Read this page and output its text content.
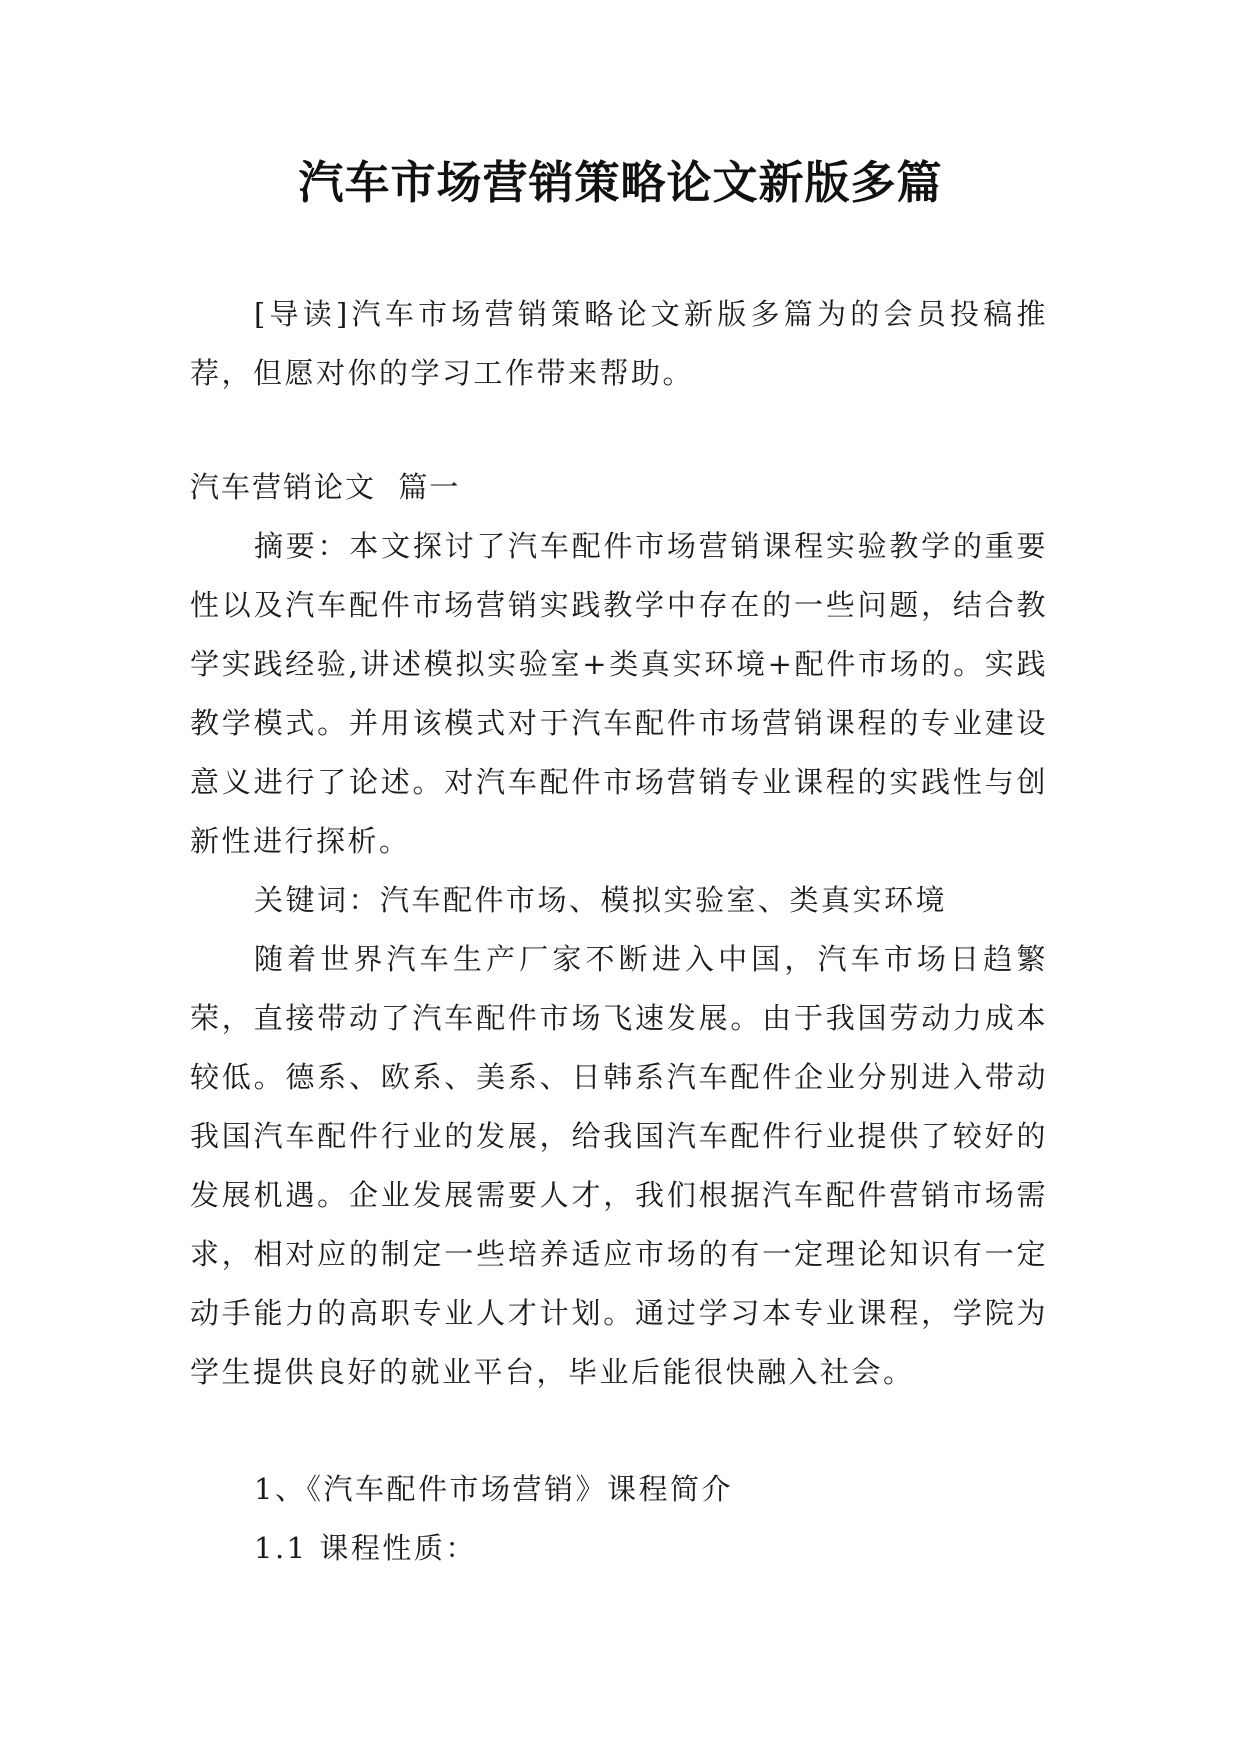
汽车市场营销策略论文新版多篇

[导读]汽车市场营销策略论文新版多篇为的会员投稿推荐，但愿对你的学习工作带来帮助。

汽车营销论文  篇一

摘要：本文探讨了汽车配件市场营销课程实验教学的重要性以及汽车配件市场营销实践教学中存在的一些问题，结合教学实践经验,讲述模拟实验室+类真实环境+配件市场的。实践教学模式。并用该模式对于汽车配件市场营销课程的专业建设意义进行了论述。对汽车配件市场营销专业课程的实践性与创新性进行探析。

关键词：汽车配件市场、模拟实验室、类真实环境

随着世界汽车生产厂家不断进入中国，汽车市场日趋繁荣，直接带动了汽车配件市场飞速发展。由于我国劳动力成本较低。德系、欧系、美系、日韩系汽车配件企业分别进入带动我国汽车配件行业的发展，给我国汽车配件行业提供了较好的发展机遇。企业发展需要人才，我们根据汽车配件营销市场需求，相对应的制定一些培养适应市场的有一定理论知识有一定动手能力的高职专业人才计划。通过学习本专业课程，学院为学生提供良好的就业平台，毕业后能很快融入社会。

1、《汽车配件市场营销》课程简介

1.1 课程性质：
